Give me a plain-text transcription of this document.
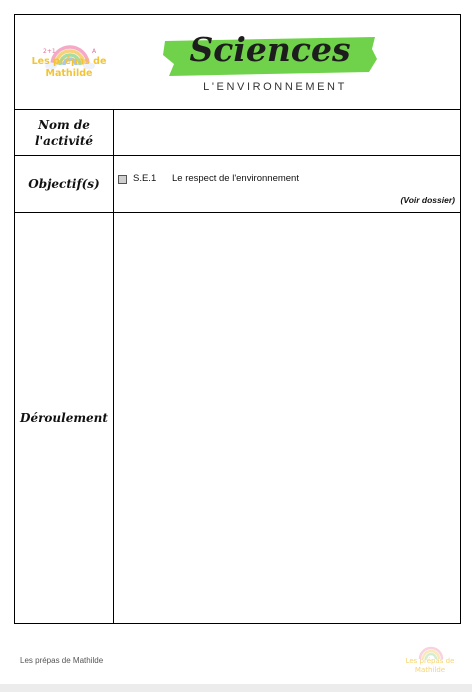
2+1	A
Les prépas de Mathilde
Sciences
L'ENVIRONNEMENT
Nom de l'activité
Objectif(s)	S.E.1 Le respect de l'environnement
(Voir dossier)
Déroulement
Les prépas de Mathilde	Les prépas de Mathilde
